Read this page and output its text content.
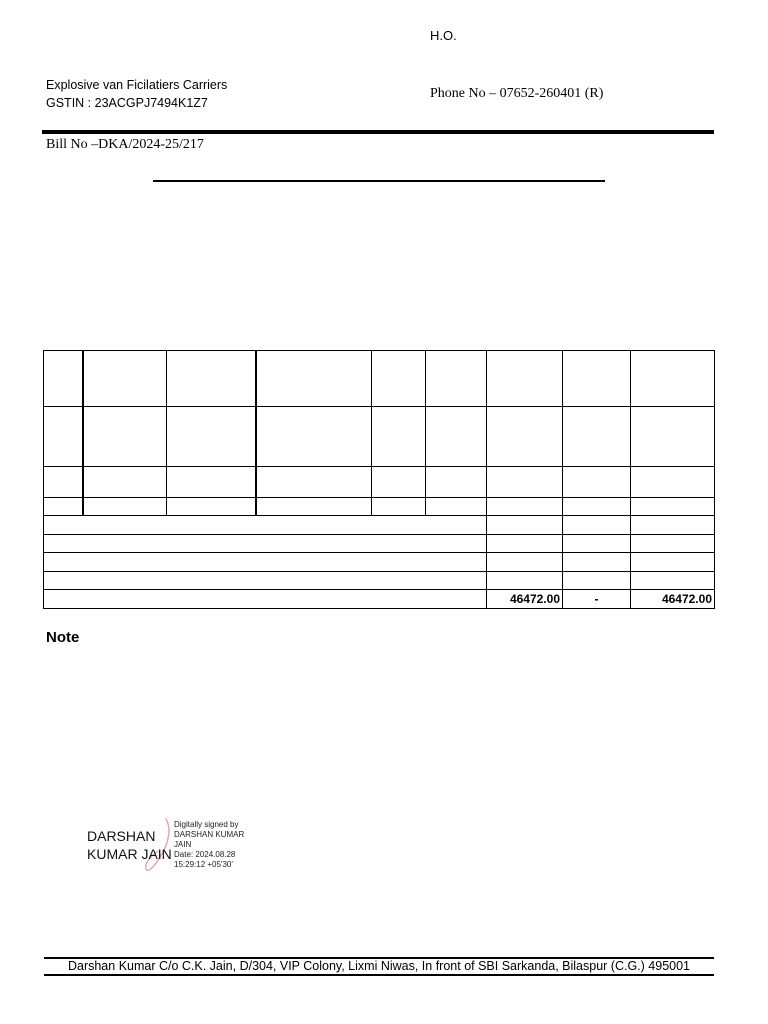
H.O.
Explosive van Ficilatiers Carriers
GSTIN : 23ACGPJ7494K1Z7
Phone No – 07652-260401 (R)
Bill No –DKA/2024-25/217

						46472.00	-	46472.00
Note
DARSHAN
KUMAR JAIN
Digitally signed by
DARSHAN KUMAR
JAIN
Date: 2024.08.28
15:29:12 +05'30'
Darshan Kumar C/o C.K. Jain, D/304, VIP Colony, Lixmi Niwas, In front of SBI Sarkanda, Bilaspur (C.G.) 495001
